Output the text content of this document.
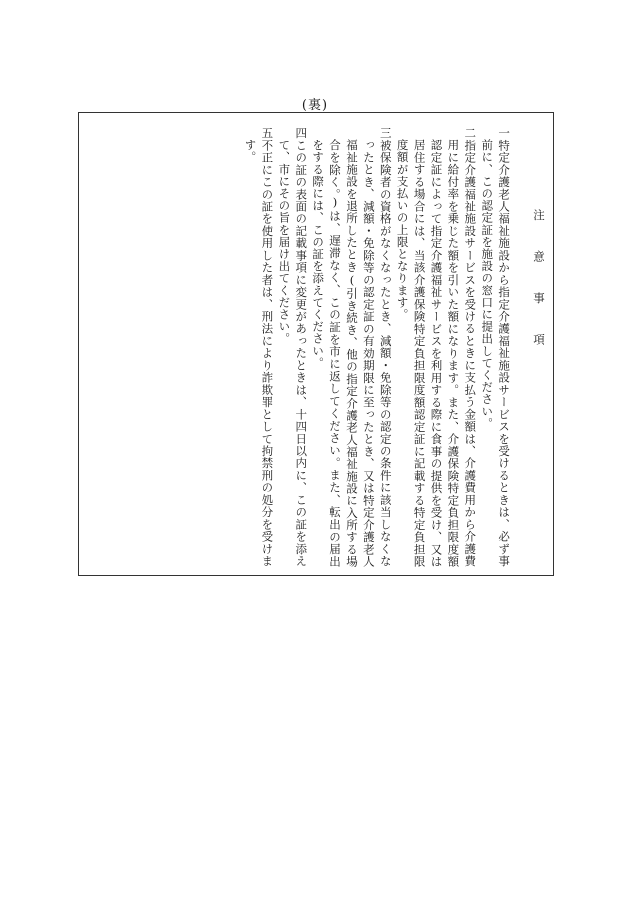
(裏)

注 意 事 項

一特定介護老人福祉施設から指定介護福祉施設サービスを受けるときは、必ず事前に、この認定証を施設の窓口に提出してください。

二指定介護福祉施設サービスを受けるときに支払う金額は、介護費用から介護費用に給付率を乗じた額を引いた額になります。また、介護保険特定負担限度額認定証によって指定介護福祉サービスを利用する際に食事の提供を受け、又は居住する場合には、当該介護保険特定負担限度額認定証に記載する特定負担限度額が支払いの上限となります。

三被保険者の資格がなくなったとき、減額・免除等の認定の条件に該当しなくなったとき、減額・免除等の認定証の有効期限に至ったとき、又は特定介護老人福祉施設を退所したとき(引き続き、他の指定介護老人福祉施設に入所する場合を除く。)は、遅滞なく、この証を市に返してください。また、転出の届出をする際には、この証を添えてください。

四この証の表面の記載事項に変更があったときは、十四日以内に、この証を添えて、市にその旨を届け出てください。

五不正にこの証を使用した者は、刑法により詐欺罪として拘禁刑の処分を受けます。
